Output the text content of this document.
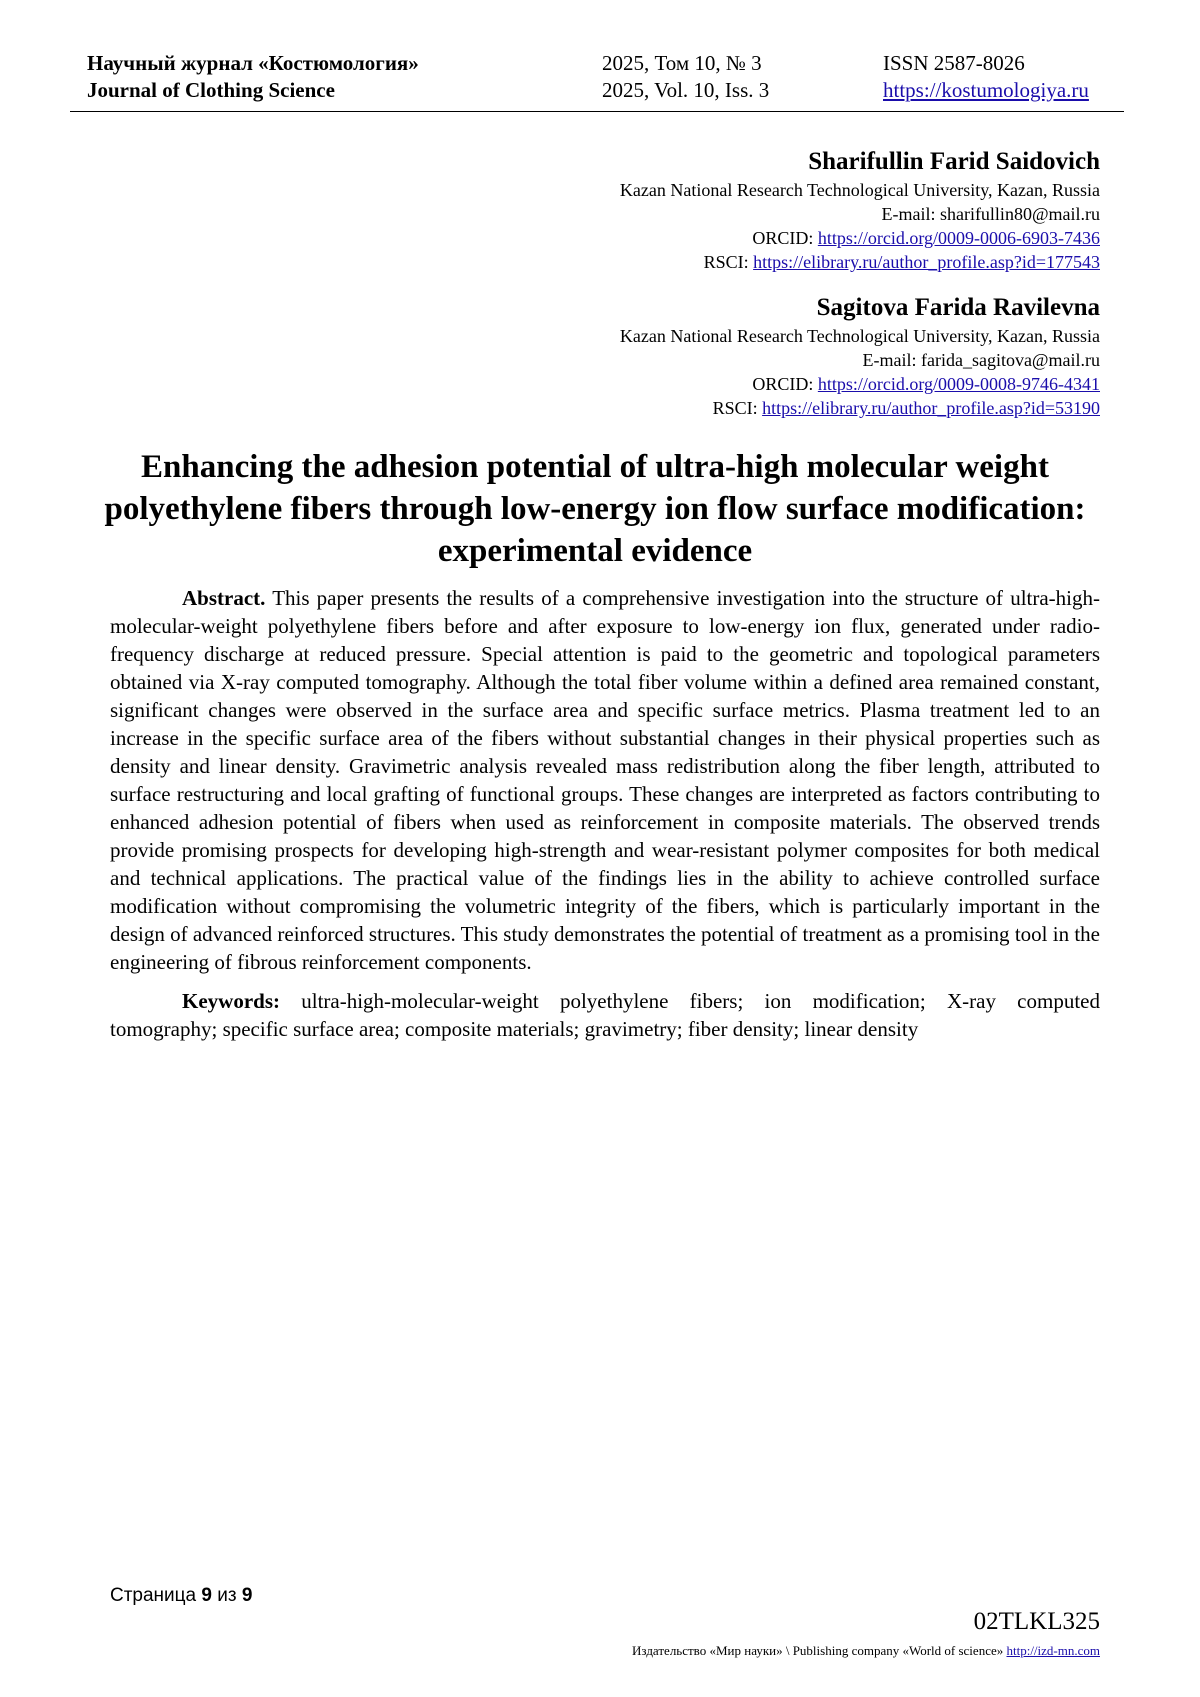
Научный журнал «Костюмология»
Journal of Clothing Science
2025, Том 10, № 3
2025, Vol. 10, Iss. 3
ISSN 2587-8026
https://kostumologiya.ru
Sharifullin Farid Saidovich
Kazan National Research Technological University, Kazan, Russia
E-mail: sharifullin80@mail.ru
ORCID: https://orcid.org/0009-0006-6903-7436
RSCI: https://elibrary.ru/author_profile.asp?id=177543
Sagitova Farida Ravilevna
Kazan National Research Technological University, Kazan, Russia
E-mail: farida_sagitova@mail.ru
ORCID: https://orcid.org/0009-0008-9746-4341
RSCI: https://elibrary.ru/author_profile.asp?id=53190
Enhancing the adhesion potential of ultra-high molecular weight polyethylene fibers through low-energy ion flow surface modification: experimental evidence

Abstract. This paper presents the results of a comprehensive investigation into the structure of ultra-high-molecular-weight polyethylene fibers before and after exposure to low-energy ion flux, generated under radio-frequency discharge at reduced pressure. Special attention is paid to the geometric and topological parameters obtained via X-ray computed tomography. Although the total fiber volume within a defined area remained constant, significant changes were observed in the surface area and specific surface metrics. Plasma treatment led to an increase in the specific surface area of the fibers without substantial changes in their physical properties such as density and linear density. Gravimetric analysis revealed mass redistribution along the fiber length, attributed to surface restructuring and local grafting of functional groups. These changes are interpreted as factors contributing to enhanced adhesion potential of fibers when used as reinforcement in composite materials. The observed trends provide promising prospects for developing high-strength and wear-resistant polymer composites for both medical and technical applications. The practical value of the findings lies in the ability to achieve controlled surface modification without compromising the volumetric integrity of the fibers, which is particularly important in the design of advanced reinforced structures. This study demonstrates the potential of treatment as a promising tool in the engineering of fibrous reinforcement components.

Keywords: ultra-high-molecular-weight polyethylene fibers; ion modification; X-ray computed tomography; specific surface area; composite materials; gravimetry; fiber density; linear density

Страница 9 из 9
02TLKL325
Издательство «Мир науки» \ Publishing company «World of science» http://izd-mn.com
